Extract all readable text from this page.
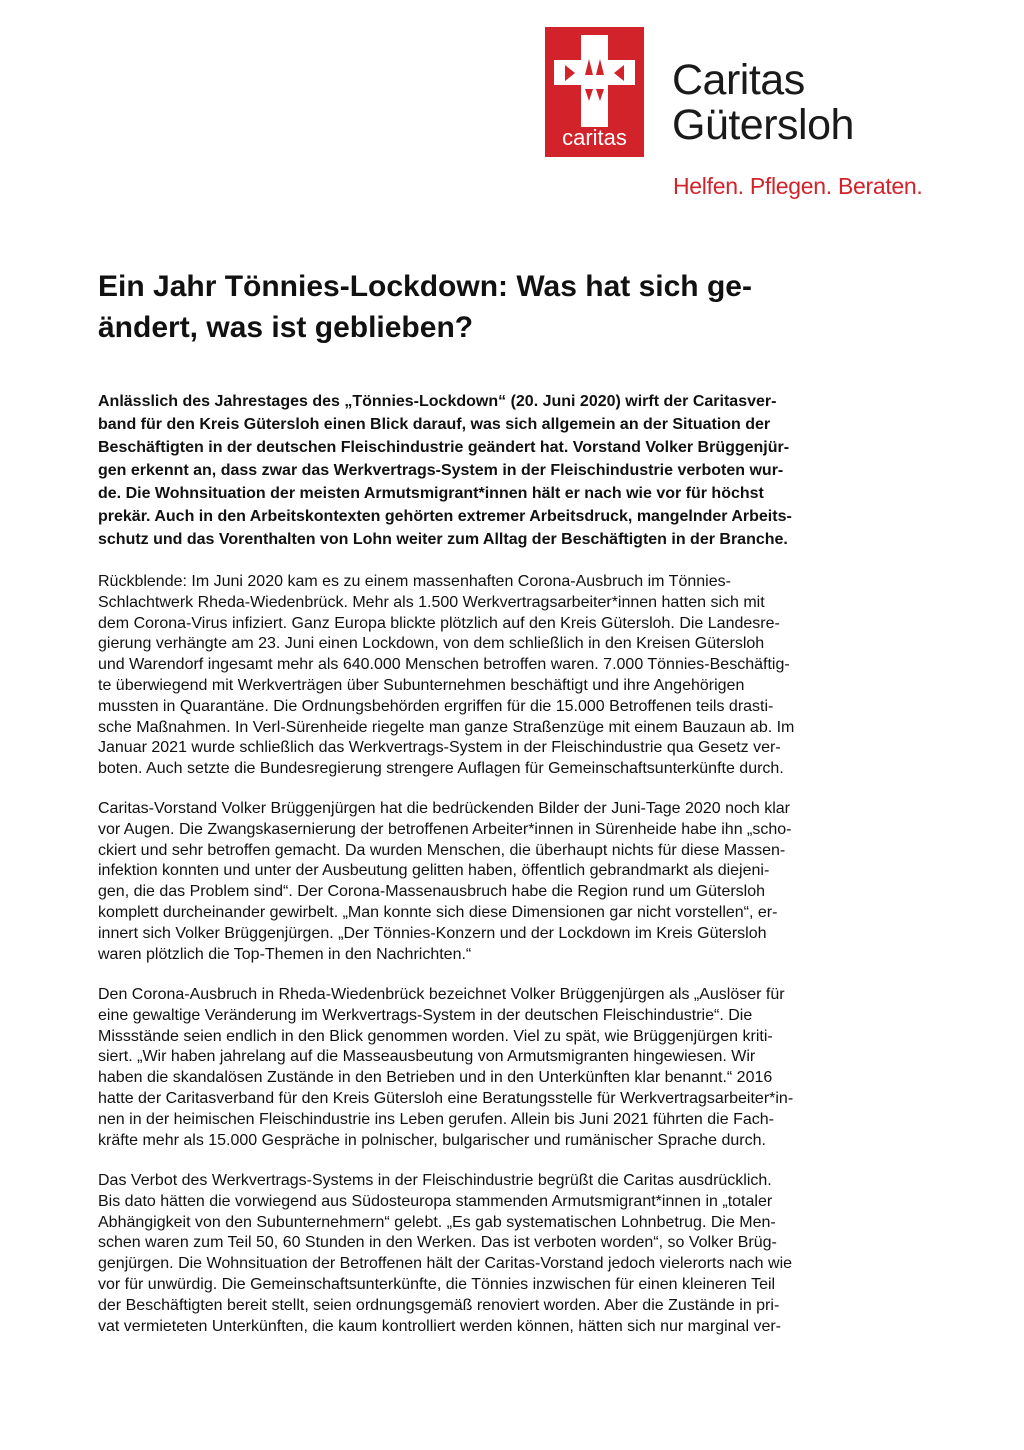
caritas
Caritas
Gütersloh
Helfen. Pflegen. Beraten.
Ein Jahr Tönnies-Lockdown: Was hat sich ge-
ändert, was ist geblieben?

Anlässlich des Jahrestages des „Tönnies-Lockdown“ (20. Juni 2020) wirft der Caritasver-
band für den Kreis Gütersloh einen Blick darauf, was sich allgemein an der Situation der
Beschäftigten in der deutschen Fleischindustrie geändert hat. Vorstand Volker Brüggenjür-
gen erkennt an, dass zwar das Werkvertrags-System in der Fleischindustrie verboten wur-
de. Die Wohnsituation der meisten Armutsmigrant*innen hält er nach wie vor für höchst
prekär. Auch in den Arbeitskontexten gehörten extremer Arbeitsdruck, mangelnder Arbeits-
schutz und das Vorenthalten von Lohn weiter zum Alltag der Beschäftigten in der Branche.

Rückblende: Im Juni 2020 kam es zu einem massenhaften Corona-Ausbruch im Tönnies-
Schlachtwerk Rheda-Wiedenbrück. Mehr als 1.500 Werkvertragsarbeiter*innen hatten sich mit
dem Corona-Virus infiziert. Ganz Europa blickte plötzlich auf den Kreis Gütersloh. Die Landesre-
gierung verhängte am 23. Juni einen Lockdown, von dem schließlich in den Kreisen Gütersloh
und Warendorf ingesamt mehr als 640.000 Menschen betroffen waren. 7.000 Tönnies-Beschäftig-
te überwiegend mit Werkverträgen über Subunternehmen beschäftigt und ihre Angehörigen
mussten in Quarantäne. Die Ordnungsbehörden ergriffen für die 15.000 Betroffenen teils drasti-
sche Maßnahmen. In Verl-Sürenheide riegelte man ganze Straßenzüge mit einem Bauzaun ab. Im
Januar 2021 wurde schließlich das Werkvertrags-System in der Fleischindustrie qua Gesetz ver-
boten. Auch setzte die Bundesregierung strengere Auflagen für Gemeinschaftsunterkünfte durch.

Caritas-Vorstand Volker Brüggenjürgen hat die bedrückenden Bilder der Juni-Tage 2020 noch klar
vor Augen. Die Zwangskasernierung der betroffenen Arbeiter*innen in Sürenheide habe ihn „scho-
ckiert und sehr betroffen gemacht. Da wurden Menschen, die überhaupt nichts für diese Massen-
infektion konnten und unter der Ausbeutung gelitten haben, öffentlich gebrandmarkt als diejeni-
gen, die das Problem sind“. Der Corona-Massenausbruch habe die Region rund um Gütersloh
komplett durcheinander gewirbelt. „Man konnte sich diese Dimensionen gar nicht vorstellen“, er-
innert sich Volker Brüggenjürgen. „Der Tönnies-Konzern und der Lockdown im Kreis Gütersloh
waren plötzlich die Top-Themen in den Nachrichten.“

Den Corona-Ausbruch in Rheda-Wiedenbrück bezeichnet Volker Brüggenjürgen als „Auslöser für
eine gewaltige Veränderung im Werkvertrags-System in der deutschen Fleischindustrie“. Die
Missstände seien endlich in den Blick genommen worden. Viel zu spät, wie Brüggenjürgen kriti-
siert. „Wir haben jahrelang auf die Masseausbeutung von Armutsmigranten hingewiesen. Wir
haben die skandalösen Zustände in den Betrieben und in den Unterkünften klar benannt.“ 2016
hatte der Caritasverband für den Kreis Gütersloh eine Beratungsstelle für Werkvertragsarbeiter*in-
nen in der heimischen Fleischindustrie ins Leben gerufen. Allein bis Juni 2021 führten die Fach-
kräfte mehr als 15.000 Gespräche in polnischer, bulgarischer und rumänischer Sprache durch.

Das Verbot des Werkvertrags-Systems in der Fleischindustrie begrüßt die Caritas ausdrücklich.
Bis dato hätten die vorwiegend aus Südosteuropa stammenden Armutsmigrant*innen in „totaler
Abhängigkeit von den Subunternehmern“ gelebt. „Es gab systematischen Lohnbetrug. Die Men-
schen waren zum Teil 50, 60 Stunden in den Werken. Das ist verboten worden“, so Volker Brüg-
genjürgen. Die Wohnsituation der Betroffenen hält der Caritas-Vorstand jedoch vielerorts nach wie
vor für unwürdig. Die Gemeinschaftsunterkünfte, die Tönnies inzwischen für einen kleineren Teil
der Beschäftigten bereit stellt, seien ordnungsgemäß renoviert worden. Aber die Zustände in pri-
vat vermieteten Unterkünften, die kaum kontrolliert werden können, hätten sich nur marginal ver-
